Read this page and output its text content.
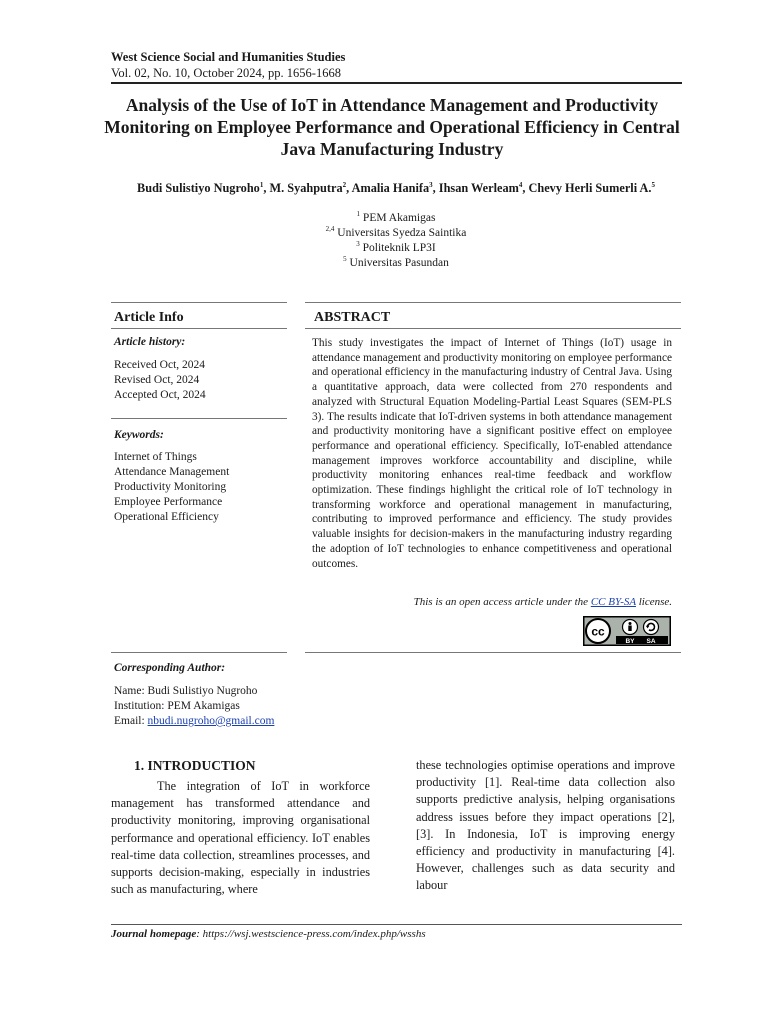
West Science Social and Humanities Studies
Vol. 02, No. 10, October 2024, pp. 1656-1668
Analysis of the Use of IoT in Attendance Management and Productivity Monitoring on Employee Performance and Operational Efficiency in Central Java Manufacturing Industry
Budi Sulistiyo Nugroho$^1$, M. Syahputra$^2$, Amalia Hanifa$^3$, Ihsan Werleam$^4$, Chevy Herli Sumerli A.$^5$
$^1$ PEM Akamigas
$^{2,4}$ Universitas Syedza Saintika
$^3$ Politeknik LP3I
$^5$ Universitas Pasundan
Article Info
Article history:
Received Oct, 2024
Revised Oct, 2024
Accepted Oct, 2024
Keywords:
Internet of Things
Attendance Management
Productivity Monitoring
Employee Performance
Operational Efficiency
ABSTRACT
This study investigates the impact of Internet of Things (IoT) usage in attendance management and productivity monitoring on employee performance and operational efficiency in the manufacturing industry of Central Java. Using a quantitative approach, data were collected from 270 respondents and analyzed with Structural Equation Modeling-Partial Least Squares (SEM-PLS 3). The results indicate that IoT-driven systems in both attendance management and productivity monitoring have a significant positive effect on employee performance and operational efficiency. Specifically, IoT-enabled attendance management improves workforce accountability and discipline, while productivity monitoring enhances real-time feedback and workflow optimization. These findings highlight the critical role of IoT technology in transforming workforce and operational management in manufacturing, contributing to improved performance and efficiency. The study provides valuable insights for decision-makers in the manufacturing industry regarding the adoption of IoT technologies to enhance competitiveness and operational outcomes.
This is an open access article under the CC BY-SA license.
cc
BY SA
Corresponding Author:
Name: Budi Sulistiyo Nugroho
Institution: PEM Akamigas
Email: nbudi.nugroho@gmail.com
1. INTRODUCTION
The integration of IoT in workforce management has transformed attendance and productivity monitoring, improving organisational performance and operational efficiency. IoT enables real-time data collection, streamlines processes, and supports decision-making, especially in industries such as manufacturing, where
these technologies optimise operations and improve productivity [1]. Real-time data collection also supports predictive analysis, helping organisations address issues before they impact operations [2], [3]. In Indonesia, IoT is improving energy efficiency and productivity in manufacturing [4]. However, challenges such as data security and labour
Journal homepage: https://wsj.westscience-press.com/index.php/wsshs
